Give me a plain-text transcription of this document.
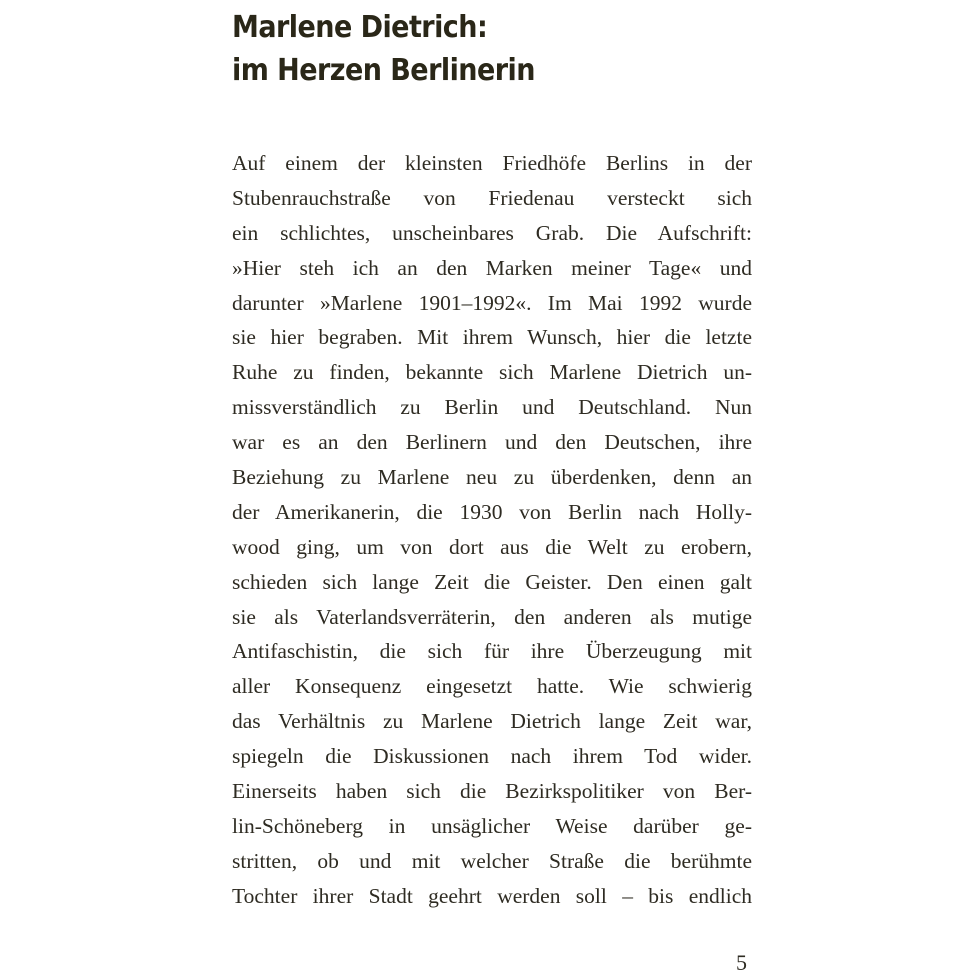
Marlene Dietrich:
im Herzen Berlinerin
Auf einem der kleinsten Friedhöfe Berlins in der
Stubenrauchstraße von Friedenau versteckt sich
ein schlichtes, unscheinbares Grab. Die Aufschrift:
»Hier steh ich an den Marken meiner Tage« und
darunter »Marlene 1901–1992«. Im Mai 1992 wurde
sie hier begraben. Mit ihrem Wunsch, hier die letzte
Ruhe zu finden, bekannte sich Marlene Dietrich un-
missverständlich zu Berlin und Deutschland. Nun
war es an den Berlinern und den Deutschen, ihre
Beziehung zu Marlene neu zu überdenken, denn an
der Amerikanerin, die 1930 von Berlin nach Holly-
wood ging, um von dort aus die Welt zu erobern,
schieden sich lange Zeit die Geister. Den einen galt
sie als Vaterlandsverräterin, den anderen als mutige
Antifaschistin, die sich für ihre Überzeugung mit
aller Konsequenz eingesetzt hatte. Wie schwierig
das Verhältnis zu Marlene Dietrich lange Zeit war,
spiegeln die Diskussionen nach ihrem Tod wider.
Einerseits haben sich die Bezirkspolitiker von Ber-
lin-Schöneberg in unsäglicher Weise darüber ge-
stritten, ob und mit welcher Straße die berühmte
Tochter ihrer Stadt geehrt werden soll – bis endlich
5
